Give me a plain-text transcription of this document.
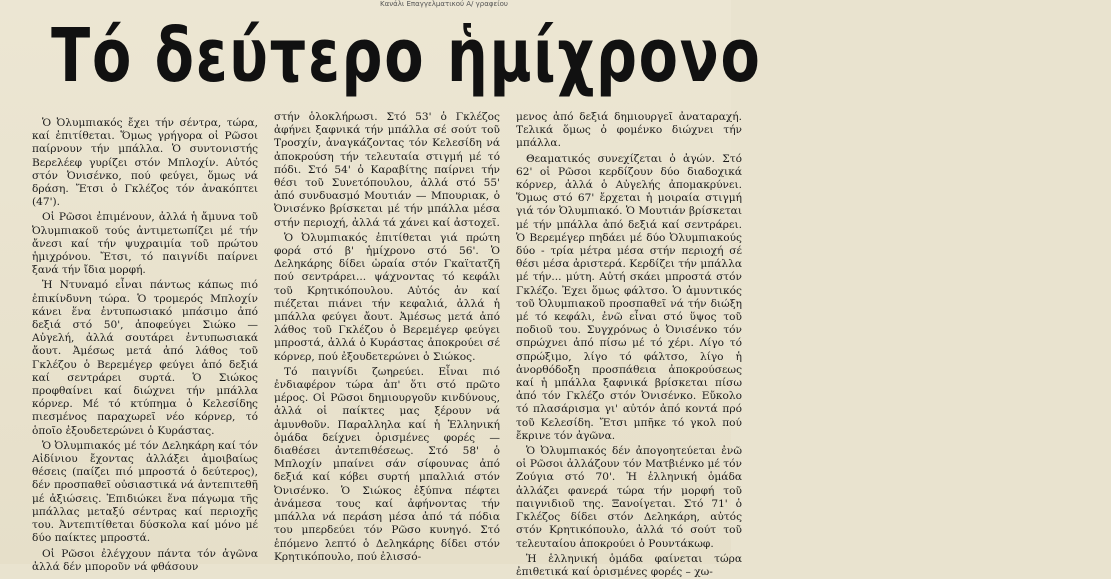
Κανάλι Επαγγελματικού Α/ γραφείου
Τό δεύτερο ἡμίχρονο

Ὁ Ὀλυμπιακός ἔχει τήν σέντρα, τώρα, καί ἐπιτίθεται. Ὅμως γρήγορα οἱ Ρῶσοι παίρνουν τήν μπάλλα. Ὁ συντονιστής Βερελέεφ γυρίζει στόν Μπλοχίν. Αὐτός στόν Ὀνισένκο, πού φεύγει, ὅμως νά δράση. Ἔτσι ὁ Γκλέζος τόν ἀνακόπτει (47').

Οἱ Ρῶσοι ἐπιμένουν, ἀλλά ἡ ἄμυνα τοῦ Ὀλυμπιακοῦ τούς ἀντιμετωπίζει μέ τήν ἄνεσι καί τήν ψυχραιμία τοῦ πρώτου ἡμιχρόνου. Ἔτσι, τό παιγνίδι παίρνει ξανά τήν ἴδια μορφή.

Ἡ Ντυναμό εἶναι πάντως κάπως πιό ἐπικίνδυνη τώρα. Ὁ τρομερός Μπλοχίν κάνει ἕνα ἐντυπωσιακό μπάσιμο ἀπό δεξιά στό 50', ἀποφεύγει Σιώκο — Αὐγελή, ἀλλά σουτάρει ἐντυπωσιακά ἄουτ. Ἀμέσως μετά ἀπό λάθος τοῦ Γκλέζου ὁ Βερεμέγερ φεύγει ἀπό δεξιά καί σεντράρει συρτά. Ὁ Σιώκος προφθαίνει καί διώχνει τήν μπάλλα κόρνερ. Μέ τό κτύπημα ὁ Κελεσίδης πιεσμένος παραχωρεῖ νέο κόρνερ, τό ὁποῖο ἐξουδετερώνει ὁ Κυράστας.

Ὁ Ὀλυμπιακός μέ τόν Δεληκάρη καί τόν Αἰδίνιου ἔχοντας ἀλλάξει ἀμοιβαίως θέσεις (παίζει πιό μπροστά ὁ δεύτερος), δέν προσπαθεῖ οὐσιαστικά νά ἀντεπιτεθῆ μέ ἀξιώσεις. Ἐπιδιώκει ἕνα πάγωμα τῆς μπάλλας μεταξύ σέντρας καί περιοχῆς του. Ἀντεπιτίθεται δύσκολα καί μόνο μέ δύο παίκτες μπροστά.

Οἱ Ρῶσοι ἐλέγχουν πάντα τόν ἀγῶνα ἀλλά δέν μποροῦν νά φθάσουν

στήν ὁλοκλήρωσι. Στό 53' ὁ Γκλέζος ἀφήνει ξαφνικά τήν μπάλλα σέ σούτ τοῦ Τροσχίν, ἀναγκάζοντας τόν Κελεσίδη νά ἀποκρούση τήν τελευταία στιγμή μέ τό πόδι. Στό 54' ὁ Καραβίτης παίρνει τήν θέσι τοῦ Συνετόπουλου, ἀλλά στό 55' ἀπό συνδυασμό Μουτιάν — Μπουριακ, ὁ Ὀνισένκο βρίσκεται μέ τήν μπάλλα μέσα στήν περιοχή, ἀλλά τά χάνει καί ἀστοχεῖ.

Ὁ Ὀλυμπιακός ἐπιτίθεται γιά πρώτη φορά στό β' ἡμίχρονο στό 56'. Ὁ Δεληκάρης δίδει ὡραία στόν Γκαϊτατζῆ πού σεντράρει... ψάχνοντας τό κεφάλι τοῦ Κρητικόπουλου. Αὐτός ἀν καί πιέζεται πιάνει τήν κεφαλιά, ἀλλά ἡ μπάλλα φεύγει ἄουτ. Ἀμέσως μετά ἀπό λάθος τοῦ Γκλέζου ὁ Βερεμέγερ φεύγει μπροστά, ἀλλά ὁ Κυράστας ἀποκρούει σέ κόρνερ, πού ἐξουδετερώνει ὁ Σιώκος.

Τό παιγνίδι ζωηρεύει. Εἶναι πιό ἐνδιαφέρον τώρα ἀπ' ὅτι στό πρῶτο μέρος. Οἱ Ρῶσοι δημιουργοῦν κινδύνους, ἀλλά οἱ παίκτες μας ξέρουν νά ἀμυνθοῦν. Παραλληλα καί ἡ Ἑλληνική ὁμάδα δείχνει ὁρισμένες φορές — διαθέσει ἀντεπιθέσεως. Στό 58' ὁ Μπλοχίν μπαίνει σάν σίφουνας ἀπό δεξιά καί κόβει συρτή μπαλλιά στόν Ὀνισένκο. Ὁ Σιώκος ἐξύπνα πέφτει ἀνάμεσα τους καί ἀφήνοντας τήν μπάλλα νά περάση μέσα ἀπό τά πόδια του μπερδεύει τόν Ρῶσο κυνηγό. Στό ἑπόμενο λεπτό ὁ Δεληκάρης δίδει στόν Κρητικόπουλο, πού ἐλισσό-

μενος ἀπό δεξιά δημιουργεῖ ἀναταραχή. Τελικά ὅμως ὁ φομένκο διώχνει τήν μπάλλα.

Θεαματικός συνεχίζεται ὁ ἀγών. Στό 62' οἱ Ρῶσοι κερδίζουν δύο διαδοχικά κόρνερ, ἀλλά ὁ Αὐγελής ἀπομακρύνει. Ὅμως στό 67' ἔρχεται ἡ μοιραία στιγμή γιά τόν Ὀλυμπιακό. Ὁ Μουτιάν βρίσκεται μέ τήν μπάλλα ἀπό δεξιά καί σεντράρει. Ὁ Βερεμέγερ πηδάει μέ δύο Ὀλυμπιακούς δύο - τρία μέτρα μέσα στήν περιοχή σέ θέσι μέσα ἀριστερά. Κερδίζει τήν μπάλλα μέ τήν... μύτη. Αὐτή σκάει μπροστά στόν Γκλέζο. Ἐχει ὅμως φάλτσο. Ὁ ἀμυντικός τοῦ Ὀλυμπιακοῦ προσπαθεῖ νά τήν διώξη μέ τό κεφάλι, ἐνῶ εἶναι στό ὕψος τοῦ ποδιοῦ του. Συγχρόνως ὁ Ὀνισένκο τόν σπρώχνει ἀπό πίσω μέ τό χέρι. Λίγο τό σπρώξιμο, λίγο τό φάλτσο, λίγο ἡ ἀνορθόδοξη προσπάθεια ἀποκρούσεως καί ἡ μπάλλα ξαφνικά βρίσκεται πίσω ἀπό τόν Γκλέζο στόν Ὀνισένκο. Εὔκολο τό πλασάρισμα γι' αὐτόν ἀπό κοντά πρό τοῦ Κελεσίδη. Ἔτσι μπῆκε τό γκολ πού ἔκρινε τόν ἀγῶνα.

Ὁ Ὀλυμπιακός δέν ἀπογοητεύεται ἐνῶ οἱ Ρῶσοι ἀλλάζουν τόν Ματβιένκο μέ τόν Ζούγια στό 70'. Ἡ ἑλληνική ὁμάδα ἀλλάζει φανερά τώρα τήν μορφή τοῦ παιγνιδιοῦ της. Ξανοίγεται. Στό 71' ὁ Γκλέζος δίδει στόν Δεληκάρη, αὐτός στόν Κρητικόπουλο, ἀλλά τό σούτ τοῦ τελευταίου ἀποκρούει ὁ Ρουντάκωφ.

Ἡ ἑλληνική ὁμάδα φαίνεται τώρα ἐπιθετικά καί ὁρισμένες φορές – χω-
